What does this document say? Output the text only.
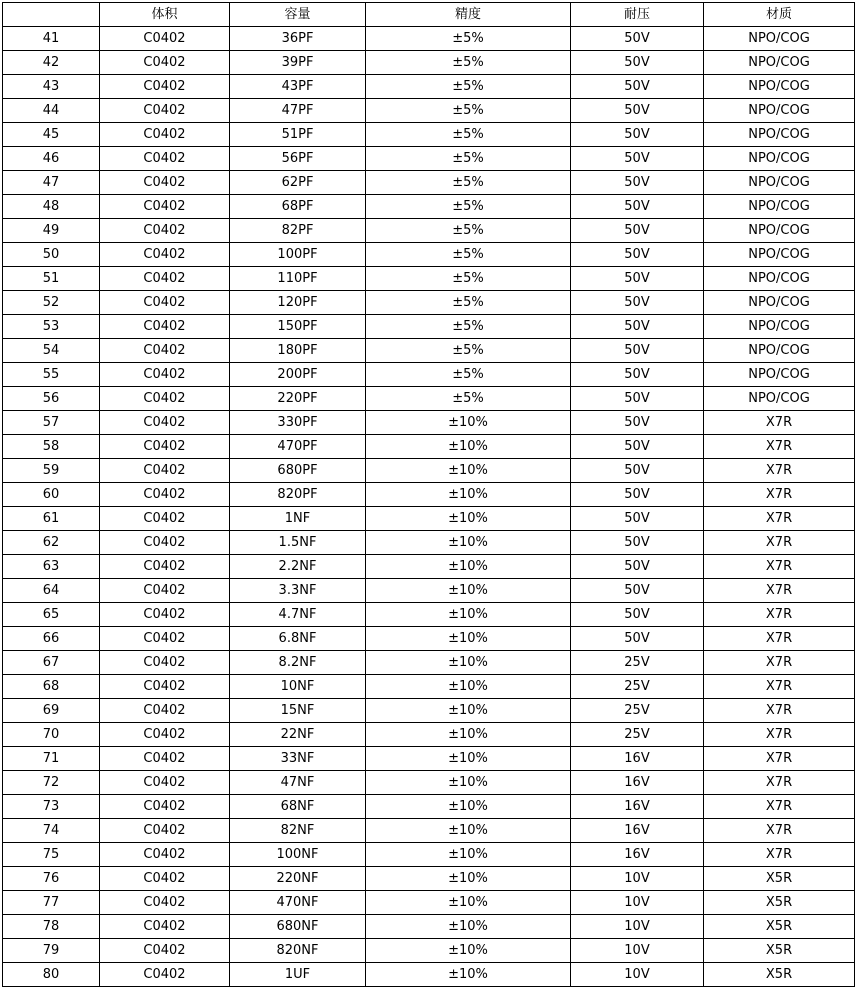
	体积	容量	精度	耐压	材质
41	C0402	36PF	±5%	50V	NPO/COG
42	C0402	39PF	±5%	50V	NPO/COG
43	C0402	43PF	±5%	50V	NPO/COG
44	C0402	47PF	±5%	50V	NPO/COG
45	C0402	51PF	±5%	50V	NPO/COG
46	C0402	56PF	±5%	50V	NPO/COG
47	C0402	62PF	±5%	50V	NPO/COG
48	C0402	68PF	±5%	50V	NPO/COG
49	C0402	82PF	±5%	50V	NPO/COG
50	C0402	100PF	±5%	50V	NPO/COG
51	C0402	110PF	±5%	50V	NPO/COG
52	C0402	120PF	±5%	50V	NPO/COG
53	C0402	150PF	±5%	50V	NPO/COG
54	C0402	180PF	±5%	50V	NPO/COG
55	C0402	200PF	±5%	50V	NPO/COG
56	C0402	220PF	±5%	50V	NPO/COG
57	C0402	330PF	±10%	50V	X7R
58	C0402	470PF	±10%	50V	X7R
59	C0402	680PF	±10%	50V	X7R
60	C0402	820PF	±10%	50V	X7R
61	C0402	1NF	±10%	50V	X7R
62	C0402	1.5NF	±10%	50V	X7R
63	C0402	2.2NF	±10%	50V	X7R
64	C0402	3.3NF	±10%	50V	X7R
65	C0402	4.7NF	±10%	50V	X7R
66	C0402	6.8NF	±10%	50V	X7R
67	C0402	8.2NF	±10%	25V	X7R
68	C0402	10NF	±10%	25V	X7R
69	C0402	15NF	±10%	25V	X7R
70	C0402	22NF	±10%	25V	X7R
71	C0402	33NF	±10%	16V	X7R
72	C0402	47NF	±10%	16V	X7R
73	C0402	68NF	±10%	16V	X7R
74	C0402	82NF	±10%	16V	X7R
75	C0402	100NF	±10%	16V	X7R
76	C0402	220NF	±10%	10V	X5R
77	C0402	470NF	±10%	10V	X5R
78	C0402	680NF	±10%	10V	X5R
79	C0402	820NF	±10%	10V	X5R
80	C0402	1UF	±10%	10V	X5R
